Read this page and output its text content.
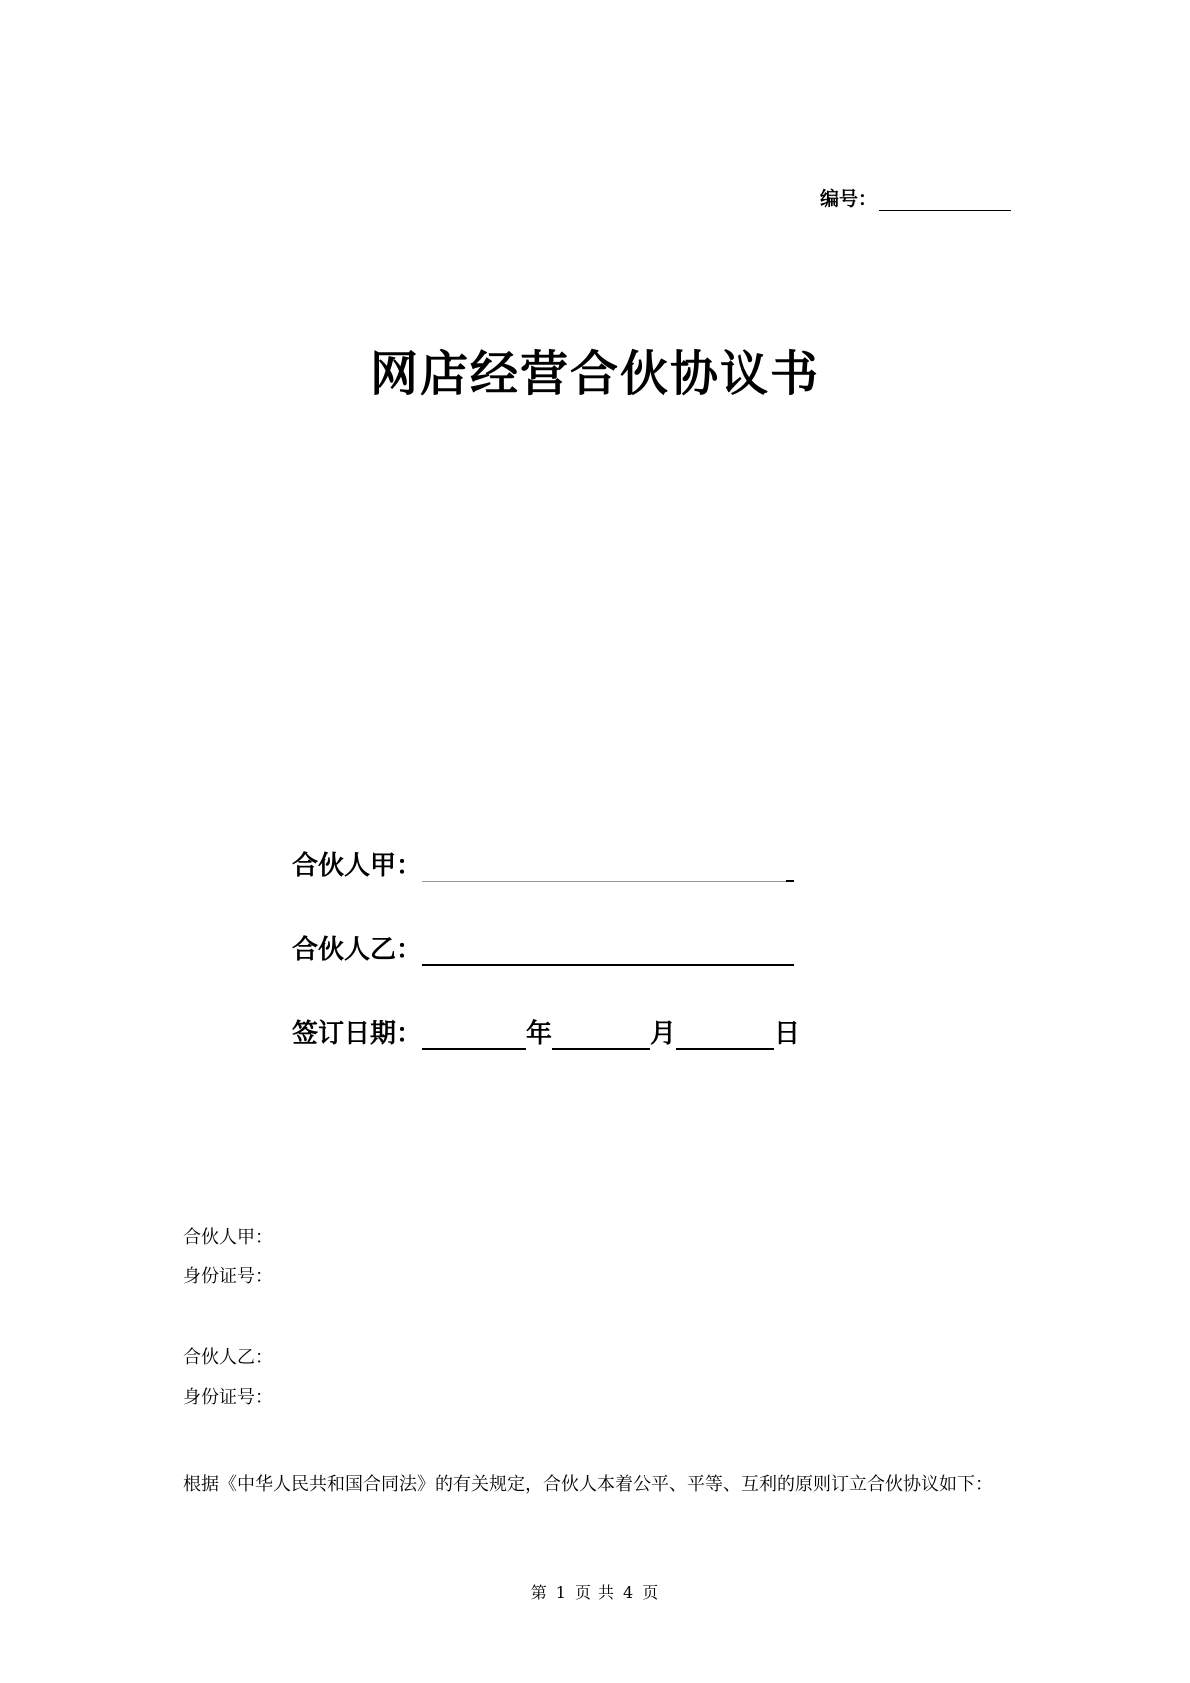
编号：
网店经营合伙协议书
合伙人甲：
合伙人乙：
签订日期：	年	月	日
合伙人甲：
身份证号：
合伙人乙：
身份证号：
根据《中华人民共和国合同法》的有关规定，合伙人本着公平、平等、互利的原则订立合伙协议如下：
第 1 页 共 4 页
